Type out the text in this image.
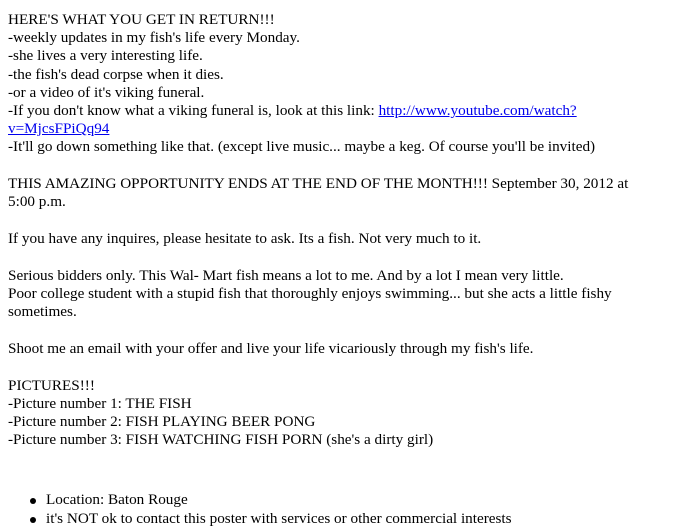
HERE'S WHAT YOU GET IN RETURN!!!
-weekly updates in my fish's life every Monday.
-she lives a very interesting life.
-the fish's dead corpse when it dies.
-or a video of it's viking funeral.
-If you don't know what a viking funeral is, look at this link: http://www.youtube.com/watch?
v=MjcsFPiQq94
-It'll go down something like that. (except live music... maybe a keg. Of course you'll be invited)
THIS AMAZING OPPORTUNITY ENDS AT THE END OF THE MONTH!!! September 30, 2012 at
5:00 p.m.
If you have any inquires, please hesitate to ask. Its a fish. Not very much to it.
Serious bidders only. This Wal- Mart fish means a lot to me. And by a lot I mean very little.
Poor college student with a stupid fish that thoroughly enjoys swimming... but she acts a little fishy
sometimes.
Shoot me an email with your offer and live your life vicariously through my fish's life.
PICTURES!!!
-Picture number 1: THE FISH
-Picture number 2: FISH PLAYING BEER PONG
-Picture number 3: FISH WATCHING FISH PORN (she's a dirty girl)
Location: Baton Rouge
it's NOT ok to contact this poster with services or other commercial interests
